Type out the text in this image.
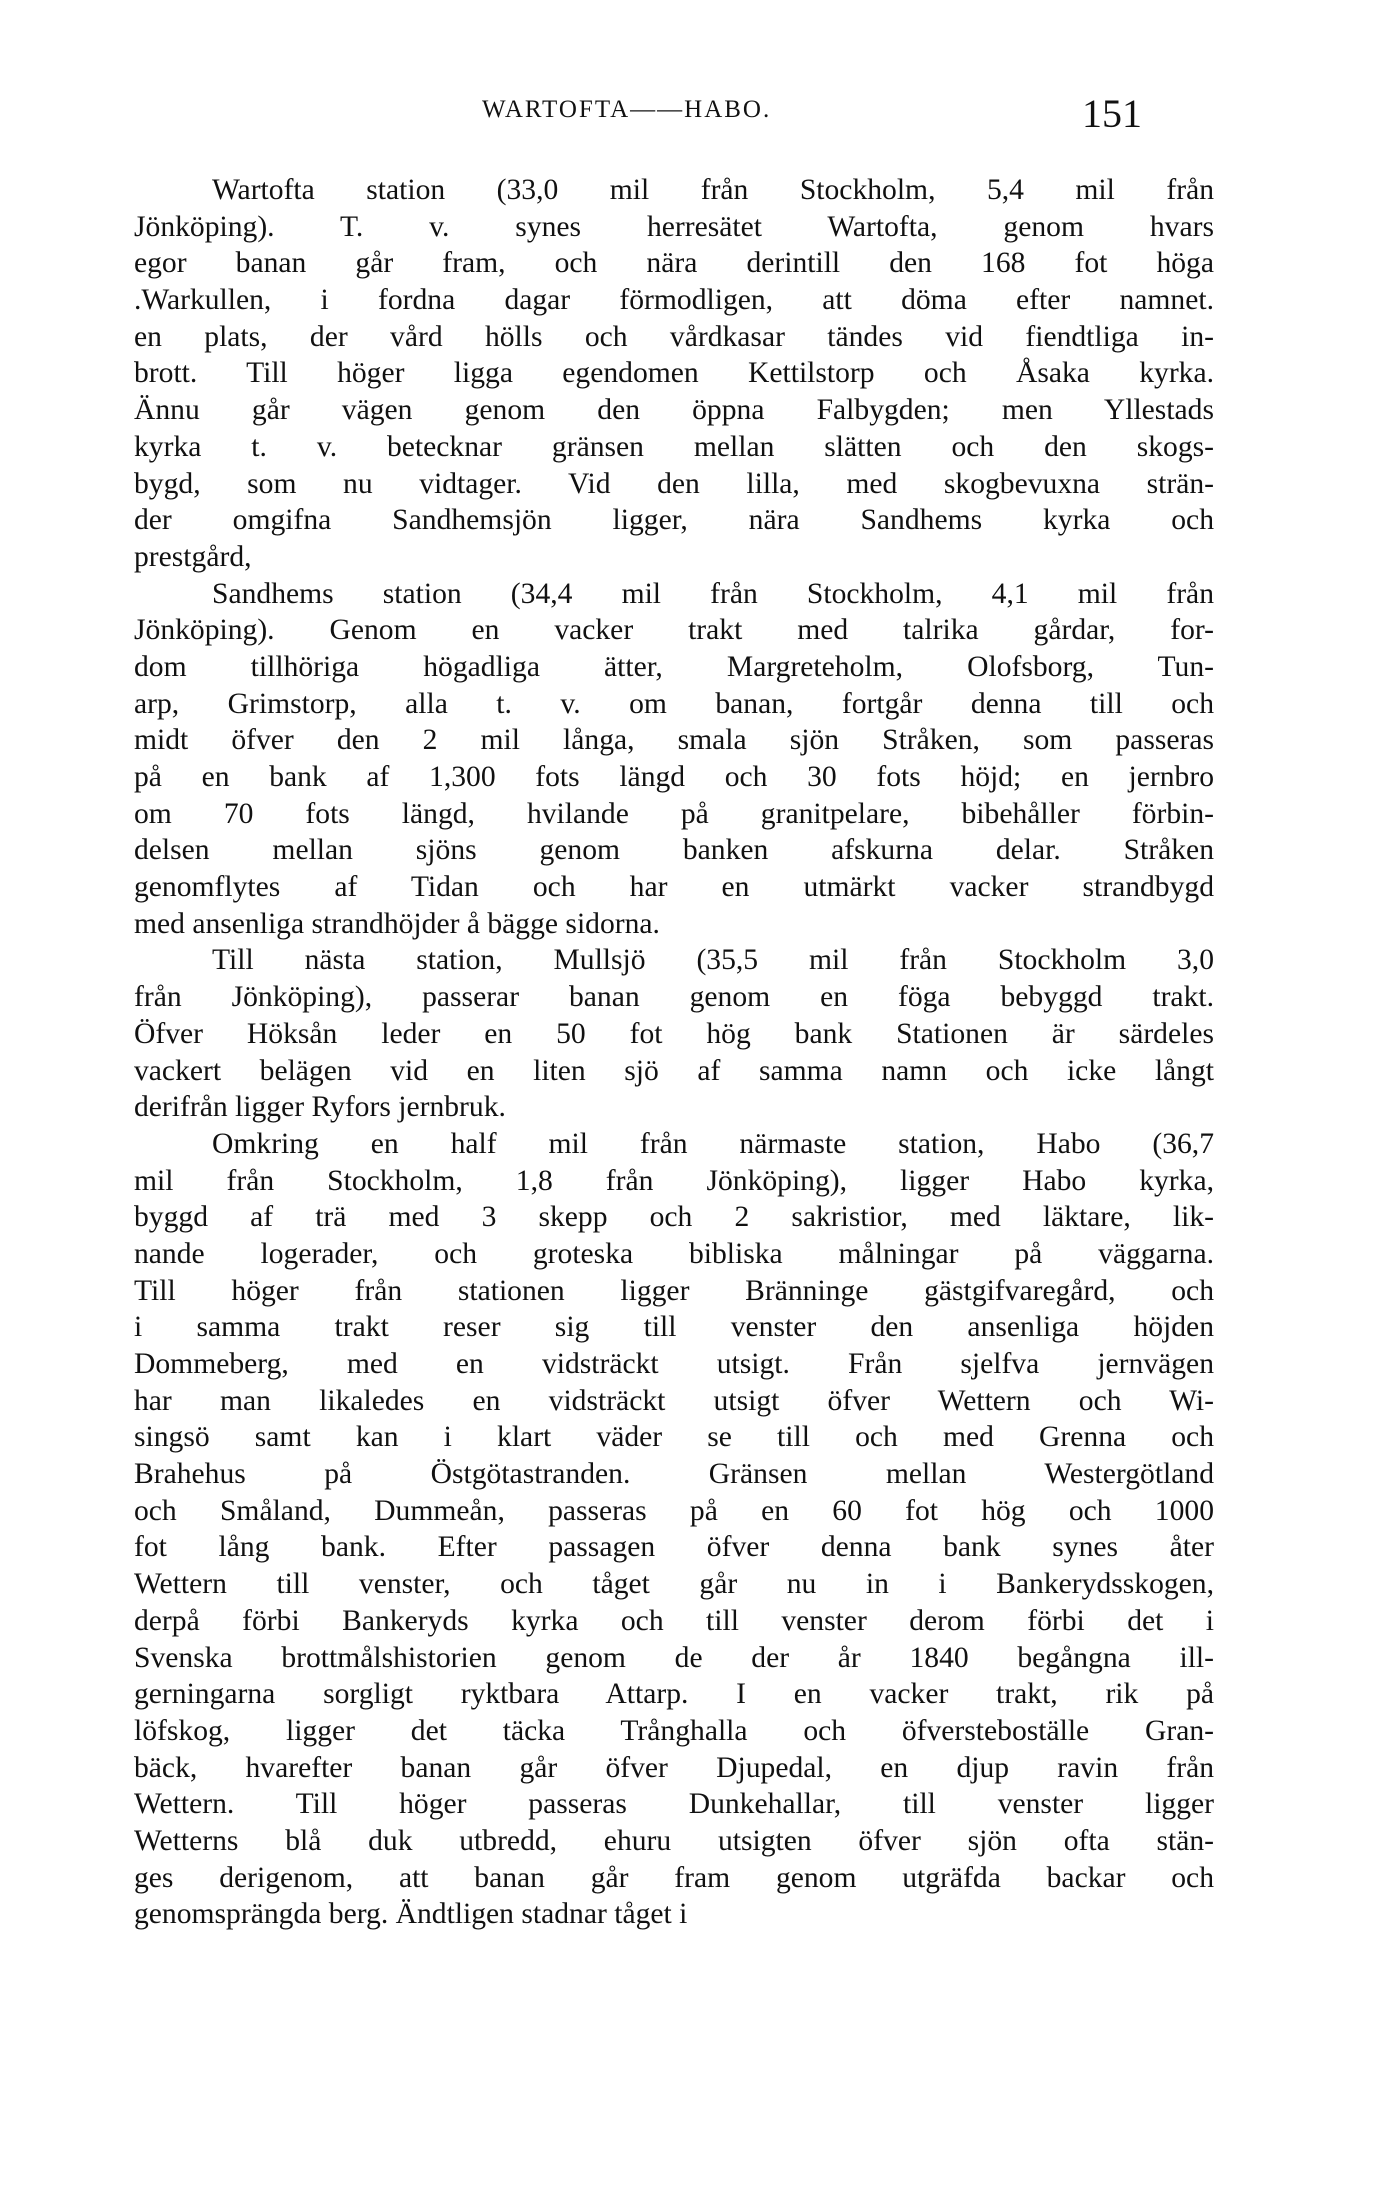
WARTOFTA——HABO.	151
Wartofta station (33,0 mil från Stockholm, 5,4 mil från
Jönköping). T. v. synes herresätet Wartofta, genom hvars
egor banan går fram, och nära derintill den 168 fot höga
.Warkullen, i fordna dagar förmodligen, att döma efter namnet.
en plats, der vård hölls och vårdkasar tändes vid fiendtliga in-
brott. Till höger ligga egendomen Kettilstorp och Åsaka kyrka.
Ännu går vägen genom den öppna Falbygden; men Yllestads
kyrka t. v. betecknar gränsen mellan slätten och den skogs-
bygd, som nu vidtager. Vid den lilla, med skogbevuxna strän-
der omgifna Sandhemsjön ligger, nära Sandhems kyrka och
prestgård,
Sandhems station (34,4 mil från Stockholm, 4,1 mil från
Jönköping). Genom en vacker trakt med talrika gårdar, for-
dom tillhöriga högadliga ätter, Margreteholm, Olofsborg, Tun-
arp, Grimstorp, alla t. v. om banan, fortgår denna till och
midt öfver den 2 mil långa, smala sjön Stråken, som passeras
på en bank af 1,300 fots längd och 30 fots höjd; en jernbro
om 70 fots längd, hvilande på granitpelare, bibehåller förbin-
delsen mellan sjöns genom banken afskurna delar. Stråken
genomflytes af Tidan och har en utmärkt vacker strandbygd
med ansenliga strandhöjder å bägge sidorna.
Till nästa station, Mullsjö (35,5 mil från Stockholm 3,0
från Jönköping), passerar banan genom en föga bebyggd trakt.
Öfver Höksån leder en 50 fot hög bank Stationen är särdeles
vackert belägen vid en liten sjö af samma namn och icke långt
derifrån ligger Ryfors jernbruk.
Omkring en half mil från närmaste station, Habo (36,7
mil från Stockholm, 1,8 från Jönköping), ligger Habo kyrka,
byggd af trä med 3 skepp och 2 sakristior, med läktare, lik-
nande logerader, och groteska bibliska målningar på väggarna.
Till höger från stationen ligger Bränninge gästgifvaregård, och
i samma trakt reser sig till venster den ansenliga höjden
Dommeberg, med en vidsträckt utsigt. Från sjelfva jernvägen
har man likaledes en vidsträckt utsigt öfver Wettern och Wi-
singsö samt kan i klart väder se till och med Grenna och
Brahehus på Östgötastranden. Gränsen mellan Westergötland
och Småland, Dummeån, passeras på en 60 fot hög och 1000
fot lång bank. Efter passagen öfver denna bank synes åter
Wettern till venster, och tåget går nu in i Bankerydsskogen,
derpå förbi Bankeryds kyrka och till venster derom förbi det i
Svenska brottmålshistorien genom de der år 1840 begångna ill-
gerningarna sorgligt ryktbara Attarp. I en vacker trakt, rik på
löfskog, ligger det täcka Trånghalla och öfversteboställe Gran-
bäck, hvarefter banan går öfver Djupedal, en djup ravin från
Wettern. Till höger passeras Dunkehallar, till venster ligger
Wetterns blå duk utbredd, ehuru utsigten öfver sjön ofta stän-
ges derigenom, att banan går fram genom utgräfda backar och
genomsprängda berg. Ändtligen stadnar tåget i
